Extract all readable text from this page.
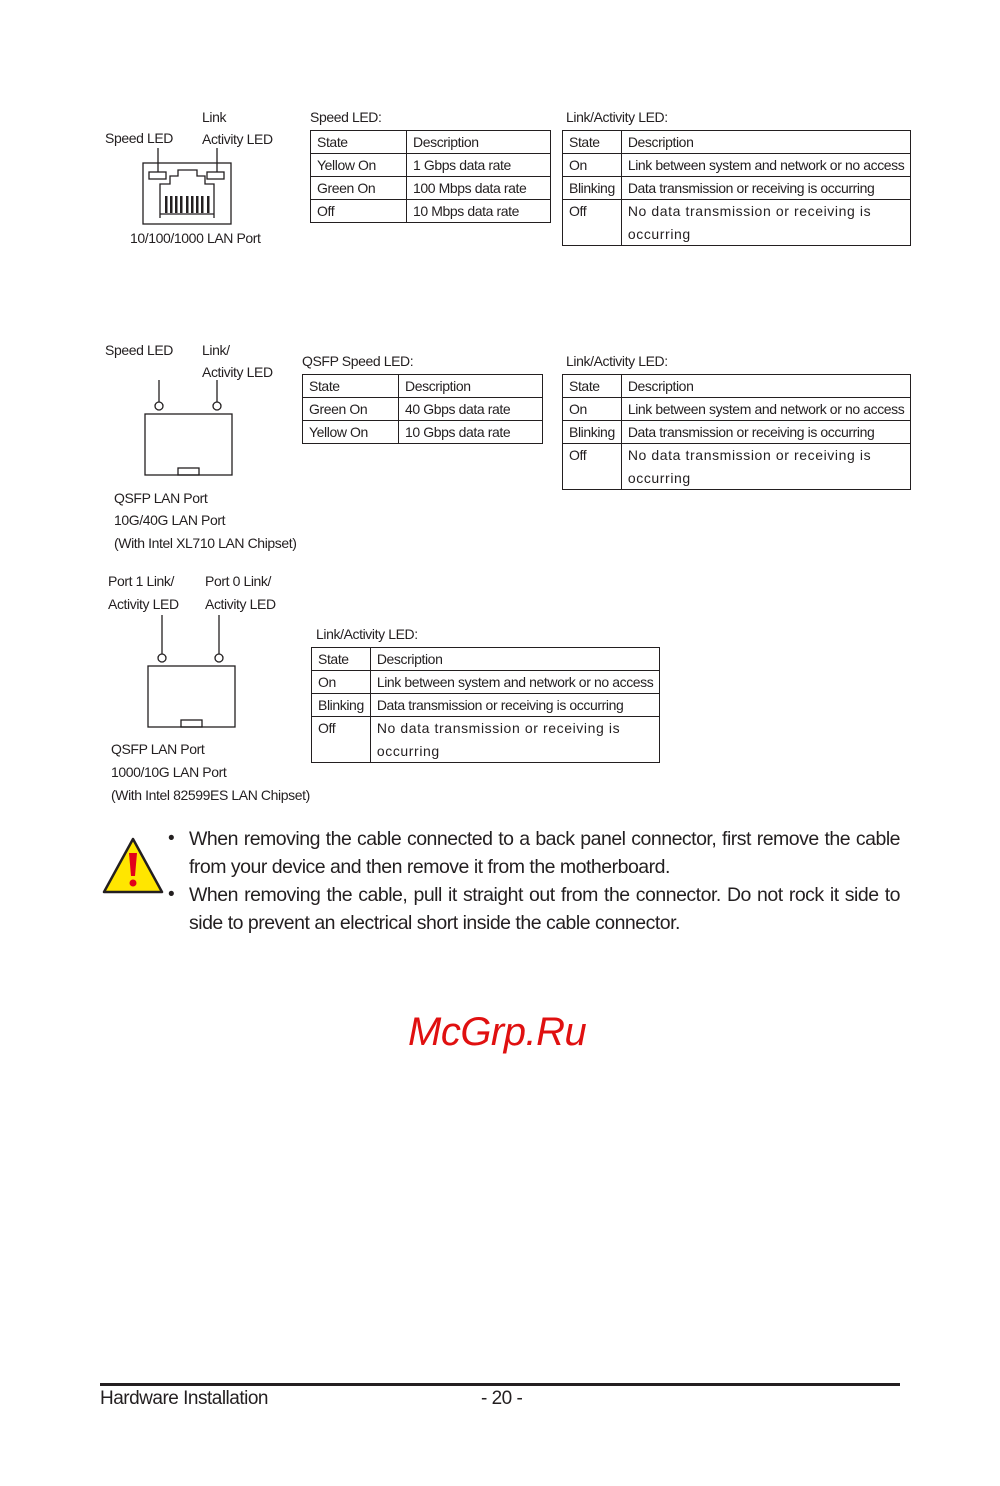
Speed LED
Link
Activity LED
10/100/1000 LAN Port
Speed LED:
State	Description
Yellow On	1 Gbps data rate
Green On	100 Mbps data rate
Off	10 Mbps data rate
Link/Activity LED:
State	Description
On	Link between system and network or no access
Blinking	Data transmission or receiving is occurring
Off	No data transmission or receiving is occurring
Speed LED Link/
Activity LED
QSFP LAN Port
10G/40G LAN Port
(With Intel XL710 LAN Chipset)
QSFP Speed LED:
State	Description
Green On	40 Gbps data rate
Yellow On	10 Gbps data rate
Link/Activity LED:
State	Description
On	Link between system and network or no access
Blinking	Data transmission or receiving is occurring
Off	No data transmission or receiving is occurring
Port 1 Link/
Activity LED
Port 0 Link/
Activity LED
QSFP LAN Port
1000/10G LAN Port
(With Intel 82599ES LAN Chipset)
Link/Activity LED:
State	Description
On	Link between system and network or no access
Blinking	Data transmission or receiving is occurring
Off	No data transmission or receiving is occurring
• When removing the cable connected to a back panel connector, first remove the cable from your device and then remove it from the motherboard.
• When removing the cable, pull it straight out from the connector. Do not rock it side to side to prevent an electrical short inside the cable connector.
McGrp.Ru
Hardware Installation	- 20 -
